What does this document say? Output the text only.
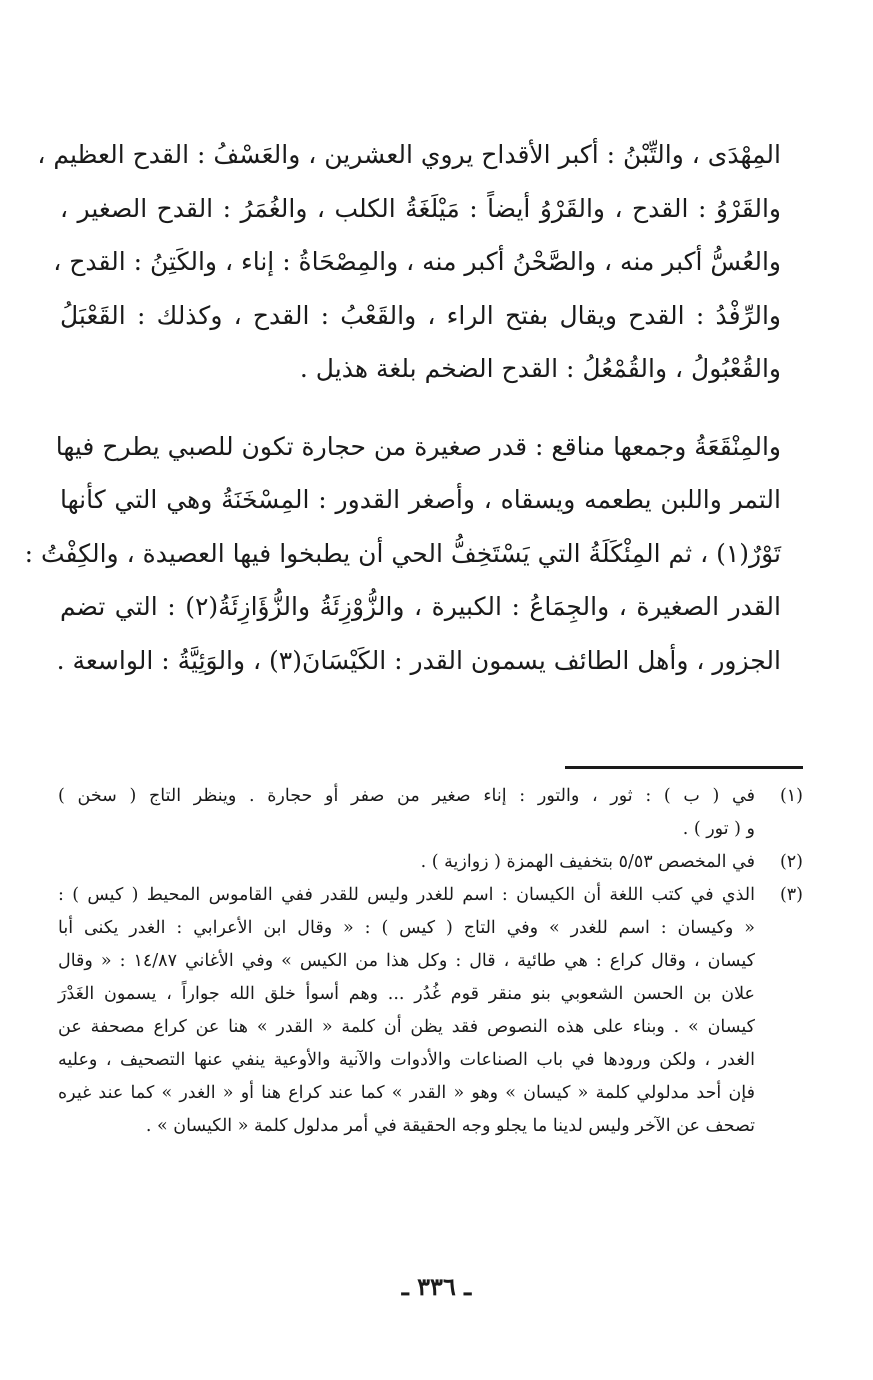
المِهْدَى ، والتِّبْنُ : أكبر الأقداح يروي العشرين ، والعَسْفُ : القدح العظيم ،
والقَرْوُ : القدح ، والقَرْوُ أيضاً : مَيْلَغَةُ الكلب ، والغُمَرُ : القدح الصغير ،
والعُسُّ أكبر منه ، والصَّحْنُ أكبر منه ، والمِصْحَاةُ : إناء ، والكَتِنُ : القدح ،
والرِّفْدُ : القدح ويقال بفتح الراء ، والقَعْبُ : القدح ، وكذلك : القَعْبَلُ
والقُعْبُولُ ، والقُمْعُلُ : القدح الضخم بلغة هذيل .

والمِنْقَعَةُ وجمعها مناقع : قدر صغيرة من حجارة تكون للصبي يطرح فيها
التمر واللبن يطعمه ويسقاه ، وأصغر القدور : المِسْخَنَةُ وهي التي كأنها
تَوْرٌ(١) ، ثم المِئْكَلَةُ التي يَسْتَخِفُّ الحي أن يطبخوا فيها العصيدة ، والكِفْتُ :
القدر الصغيرة ، والجِمَاعُ : الكبيرة ، والزُّوْزِئَةُ والزُّؤَازِئَةُ(٢) : التي تضم
الجزور ، وأهل الطائف يسمون القدر : الكَيْسَانَ(٣) ، والوَئِيَّةُ : الواسعة .

(١)
في ( ب ) : ثور ، والتور : إناء صغير من صفر أو حجارة . وينظر التاج ( سخن )
و ( تور ) .
(٢)
في المخصص ٥/٥٣ بتخفيف الهمزة ( زوازية ) .
(٣)
الذي في كتب اللغة أن الكيسان : اسم للغدر وليس للقدر ففي القاموس المحيط ( كيس ) :
« وكيسان : اسم للغدر » وفي التاج ( كيس ) : « وقال ابن الأعرابي : الغدر يكنى أبا
كيسان ، وقال كراع : هي طائية ، قال : وكل هذا من الكيس » وفي الأغاني ١٤/٨٧ : « وقال
علان بن الحسن الشعوبي بنو منقر قوم غُدُر ... وهم أسوأ خلق الله جواراً ، يسمون الغَدْرَ
كيسان » . وبناء على هذه النصوص فقد يظن أن كلمة « القدر » هنا عن كراع مصحفة عن
الغدر ، ولكن ورودها في باب الصناعات والأدوات والآنية والأوعية ينفي عنها التصحيف ، وعليه
فإن أحد مدلولي كلمة « كيسان » وهو « القدر » كما عند كراع هنا أو « الغدر » كما عند غيره
تصحف عن الآخر وليس لدينا ما يجلو وجه الحقيقة في أمر مدلول كلمة « الكيسان » .
ـ ٣٣٦ ـ
